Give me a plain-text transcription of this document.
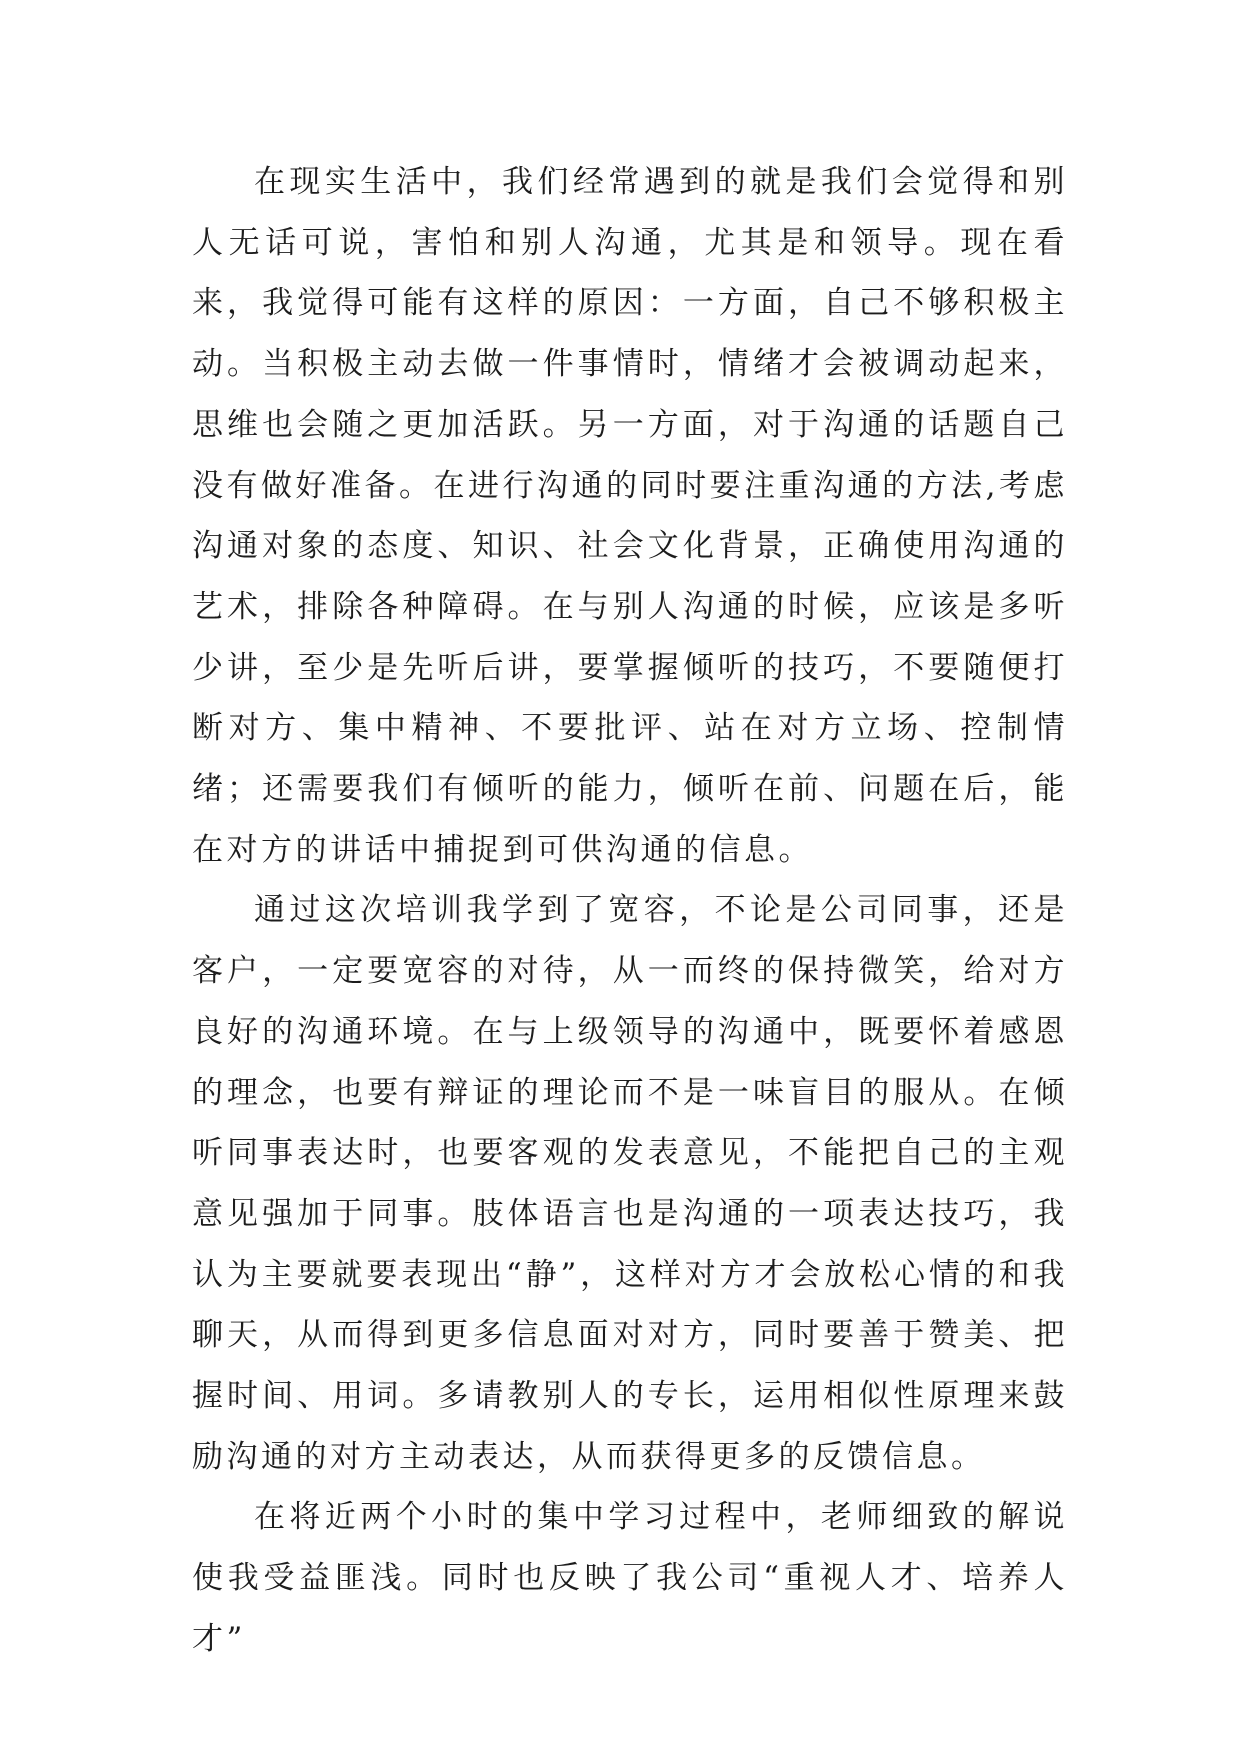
在现实生活中，我们经常遇到的就是我们会觉得和别人无话可说，害怕和别人沟通，尤其是和领导。现在看来，我觉得可能有这样的原因：一方面，自己不够积极主动。当积极主动去做一件事情时，情绪才会被调动起来，思维也会随之更加活跃。另一方面，对于沟通的话题自己没有做好准备。在进行沟通的同时要注重沟通的方法,考虑沟通对象的态度、知识、社会文化背景，正确使用沟通的艺术，排除各种障碍。在与别人沟通的时候，应该是多听少讲，至少是先听后讲，要掌握倾听的技巧，不要随便打断对方、集中精神、不要批评、站在对方立场、控制情绪；还需要我们有倾听的能力，倾听在前、问题在后，能在对方的讲话中捕捉到可供沟通的信息。

通过这次培训我学到了宽容，不论是公司同事，还是客户，一定要宽容的对待，从一而终的保持微笑，给对方良好的沟通环境。在与上级领导的沟通中，既要怀着感恩的理念，也要有辩证的理论而不是一味盲目的服从。在倾听同事表达时，也要客观的发表意见，不能把自己的主观意见强加于同事。肢体语言也是沟通的一项表达技巧，我认为主要就要表现出“静”，这样对方才会放松心情的和我聊天，从而得到更多信息面对对方，同时要善于赞美、把握时间、用词。多请教别人的专长，运用相似性原理来鼓励沟通的对方主动表达，从而获得更多的反馈信息。

在将近两个小时的集中学习过程中，老师细致的解说使我受益匪浅。同时也反映了我公司“重视人才、培养人才”
